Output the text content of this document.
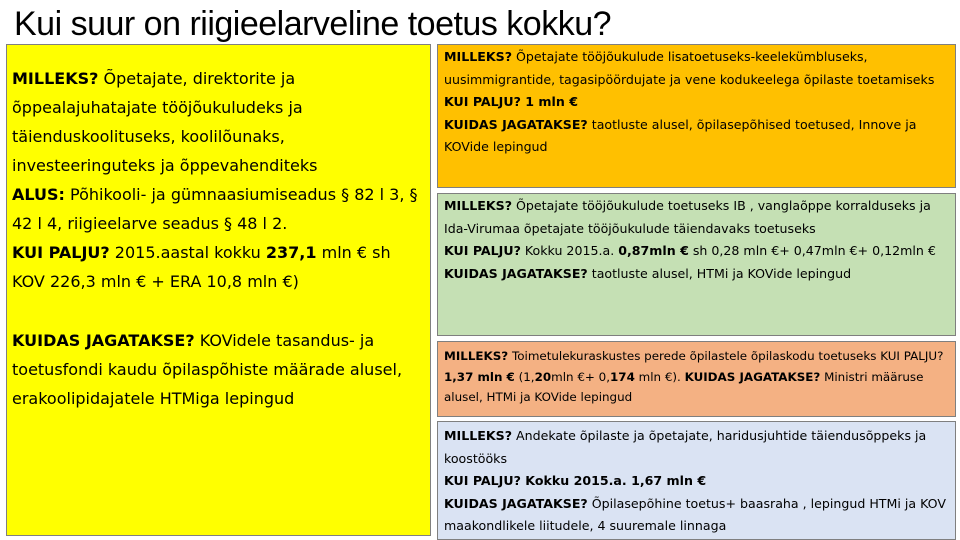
Kui suur on riigieelarveline toetus kokku?
MILLEKS? Õpetajate, direktorite ja õppealajuhatajate tööjõukuludeks ja täienduskoolituseks, koolilõunaks, investeeringuteks ja õppevahenditeks
ALUS: Põhikooli- ja gümnaasiumiseadus § 82 l 3, § 42 l 4, riigieelarve seadus § 48 l 2.
KUI PALJU? 2015.aastal kokku 237,1 mln € sh KOV 226,3 mln € + ERA 10,8 mln €)
KUIDAS JAGATAKSE? KOVidele tasandus- ja toetusfondi kaudu õpilaspõhiste määrade alusel, erakoolipidajatele HTMiga lepingud
MILLEKS? Õpetajate tööjõukulude lisatoetuseks-keelekümbluseks, uusimmigrantide, tagasipöördujate ja vene kodukeelega õpilaste toetamiseks
KUI PALJU? 1 mln €
KUIDAS JAGATAKSE? taotluste alusel, õpilasepõhised toetused, Innove ja KOVide lepingud
MILLEKS? Õpetajate tööjõukulude toetuseks IB , vanglaõppe korralduseks ja Ida-Virumaa õpetajate tööjõukulude täiendavaks toetuseks
KUI PALJU? Kokku 2015.a. 0,87mln € sh 0,28 mln €+ 0,47mln €+ 0,12mln €
KUIDAS JAGATAKSE? taotluste alusel, HTMi ja KOVide lepingud
MILLEKS? Toimetulekuraskustes perede õpilastele õpilaskodu toetuseks KUI PALJU? 1,37 mln € (1,20mln €+ 0,174 mln €). KUIDAS JAGATAKSE? Ministri määruse alusel, HTMi ja KOVide lepingud
MILLEKS? Andekate õpilaste ja õpetajate, haridusjuhtide täiendusõppeks ja koostööks
KUI PALJU? Kokku 2015.a. 1,67 mln €
KUIDAS JAGATAKSE? Õpilasepõhine toetus+ baasraha , lepingud HTMi ja KOV maakondlikele liitudele, 4 suuremale linnaga
